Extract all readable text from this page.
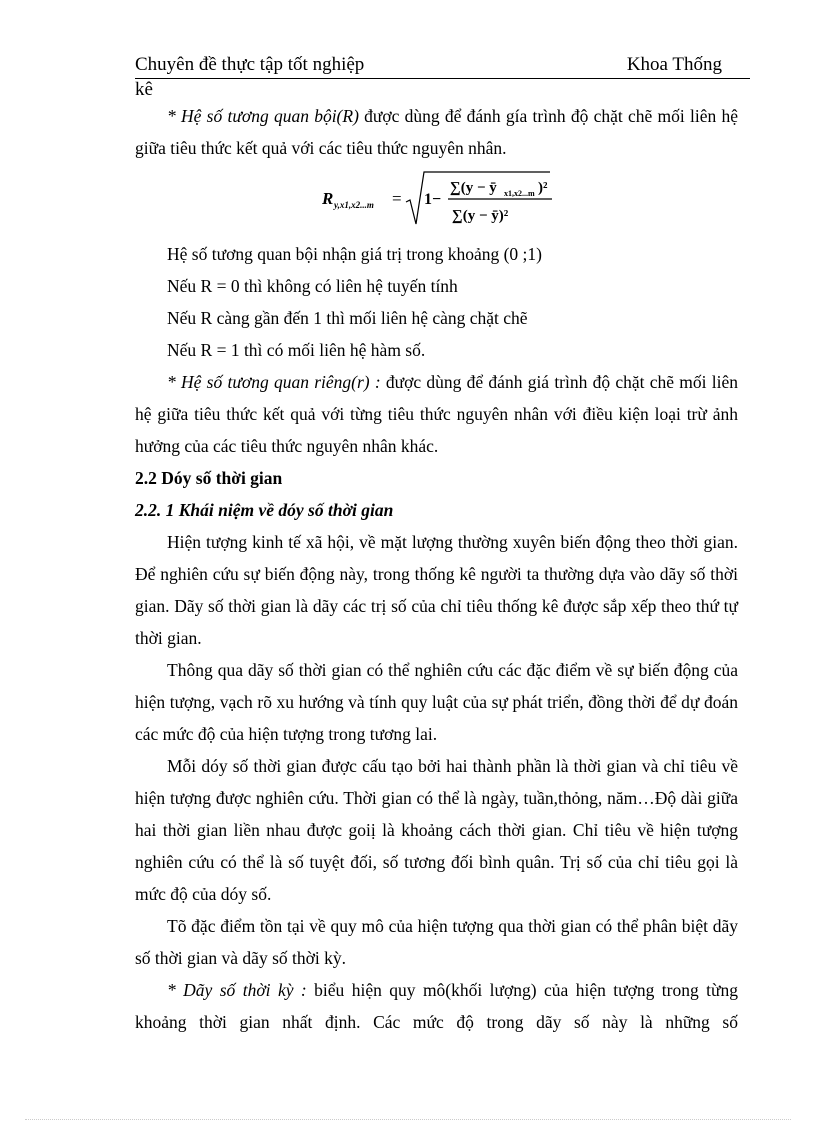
Chuyên đề thực tập tốt nghiệp	Khoa Thống
kê

* Hệ số tương quan bội(R) được dùng để đánh gía trình độ chặt chẽ mối liên hệ giữa tiêu thức kết quả với các tiêu thức nguyên nhân.

R y,x1,x2...m = 1−
∑(y − ȳ x1,x2...m )²
∑(y − ȳ)²

Hệ số tương quan bội nhận giá trị trong khoảng (0 ;1)

Nếu R = 0 thì không có liên hệ tuyến tính

Nếu R càng gần đến 1 thì mối liên hệ càng chặt chẽ

Nếu R = 1 thì có mối liên hệ hàm số.

* Hệ số tương quan riêng(r) : được dùng để đánh giá trình độ chặt chẽ mối liên hệ giữa tiêu thức kết quả với từng tiêu thức nguyên nhân với điều kiện loại trừ ảnh hưởng của các tiêu thức nguyên nhân khác.

2.2 Dóy số thời gian

2.2. 1 Khái niệm về dóy số thời gian

Hiện tượng kinh tế xã hội, về mặt lượng thường xuyên biến động theo thời gian. Để nghiên cứu sự biến động này, trong thống kê người ta thường dựa vào dãy số thời gian. Dãy số thời gian là dãy các trị số của chỉ tiêu thống kê được sắp xếp theo thứ tự thời gian.

Thông qua dãy số thời gian có thể nghiên cứu các đặc điểm về sự biến động của hiện tượng, vạch rõ xu hướng và tính quy luật của sự phát triển, đồng thời để dự đoán các mức độ của hiện tượng trong tương lai.

Mỗi dóy số thời gian được cấu tạo bởi hai thành phần là thời gian và chỉ tiêu về hiện tượng được nghiên cứu. Thời gian có thể là ngày, tuần,thỏng, năm…Độ dài giữa hai thời gian liền nhau được goiị là khoảng cách thời gian. Chỉ tiêu về hiện tượng nghiên cứu có thể là số tuyệt đối, số tương đối bình quân. Trị số của chỉ tiêu gọi là mức độ của dóy số.

Tõ đặc điểm tồn tại về quy mô của hiện tượng qua thời gian có thể phân biệt dãy số thời gian và dãy số thời kỳ.

* Dãy số thời kỳ : biểu hiện quy mô(khối lượng) của hiện tượng trong từng khoảng thời gian nhất định. Các mức độ trong dãy số này là những số
